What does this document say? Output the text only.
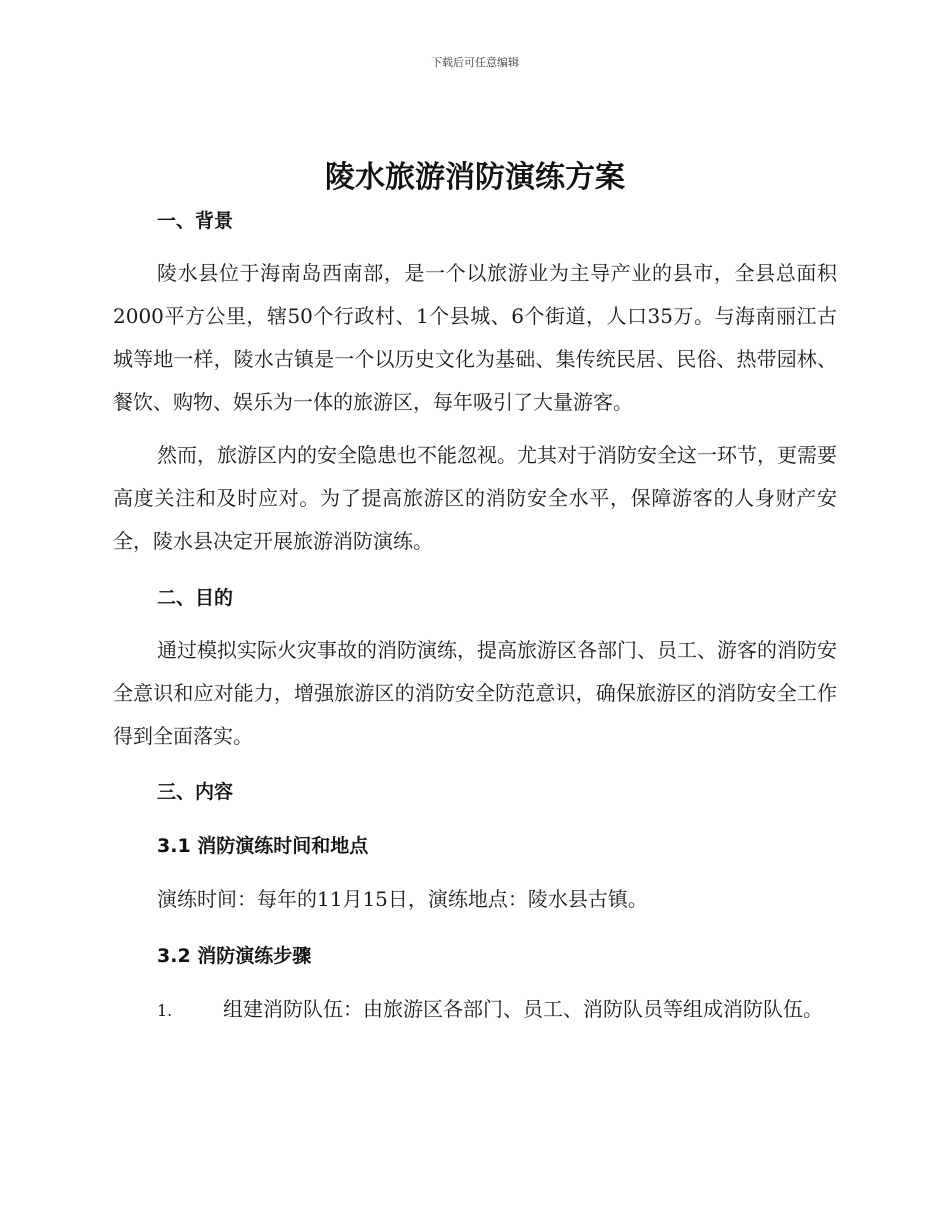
下载后可任意编辑
陵水旅游消防演练方案
一、背景

陵水县位于海南岛西南部，是一个以旅游业为主导产业的县市，全县总面积2000平方公里，辖50个行政村、1个县城、6个街道，人口35万。与海南丽江古城等地一样，陵水古镇是一个以历史文化为基础、集传统民居、民俗、热带园林、餐饮、购物、娱乐为一体的旅游区，每年吸引了大量游客。

然而，旅游区内的安全隐患也不能忽视。尤其对于消防安全这一环节，更需要高度关注和及时应对。为了提高旅游区的消防安全水平，保障游客的人身财产安全，陵水县决定开展旅游消防演练。

二、目的

通过模拟实际火灾事故的消防演练，提高旅游区各部门、员工、游客的消防安全意识和应对能力，增强旅游区的消防安全防范意识，确保旅游区的消防安全工作得到全面落实。

三、内容
3.1 消防演练时间和地点

演练时间：每年的11月15日，演练地点：陵水县古镇。

3.2 消防演练步骤

1.	组建消防队伍：由旅游区各部门、员工、消防队员等组成消防队伍。
